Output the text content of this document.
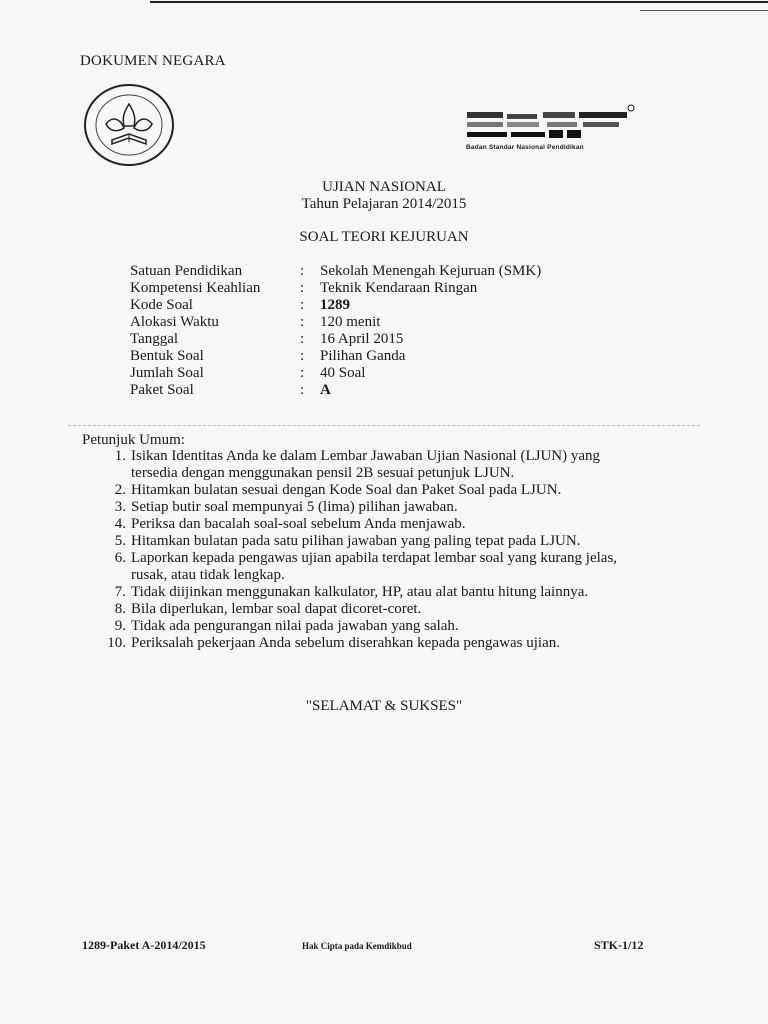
DOKUMEN NEGARA
Badan Standar Nasional Pendidikan
UJIAN NASIONAL
Tahun Pelajaran 2014/2015
SOAL TEORI KEJURUAN
Satuan Pendidikan	:	Sekolah Menengah Kejuruan (SMK)
Kompetensi Keahlian	:	Teknik Kendaraan Ringan
Kode Soal	:	1289
Alokasi Waktu	:	120 menit
Tanggal	:	16 April 2015
Bentuk Soal	:	Pilihan Ganda
Jumlah Soal	:	40 Soal
Paket Soal	:	A
Petunjuk Umum:
1. Isikan Identitas Anda ke dalam Lembar Jawaban Ujian Nasional (LJUN) yang tersedia dengan menggunakan pensil 2B sesuai petunjuk LJUN.
2. Hitamkan bulatan sesuai dengan Kode Soal dan Paket Soal pada LJUN.
3. Setiap butir soal mempunyai 5 (lima) pilihan jawaban.
4. Periksa dan bacalah soal-soal sebelum Anda menjawab.
5. Hitamkan bulatan pada satu pilihan jawaban yang paling tepat pada LJUN.
6. Laporkan kepada pengawas ujian apabila terdapat lembar soal yang kurang jelas, rusak, atau tidak lengkap.
7. Tidak diijinkan menggunakan kalkulator, HP, atau alat bantu hitung lainnya.
8. Bila diperlukan, lembar soal dapat dicoret-coret.
9. Tidak ada pengurangan nilai pada jawaban yang salah.
10. Periksalah pekerjaan Anda sebelum diserahkan kepada pengawas ujian.
"SELAMAT & SUKSES"
1289-Paket A-2014/2015	Hak Cipta pada Kemdikbud	STK-1/12
